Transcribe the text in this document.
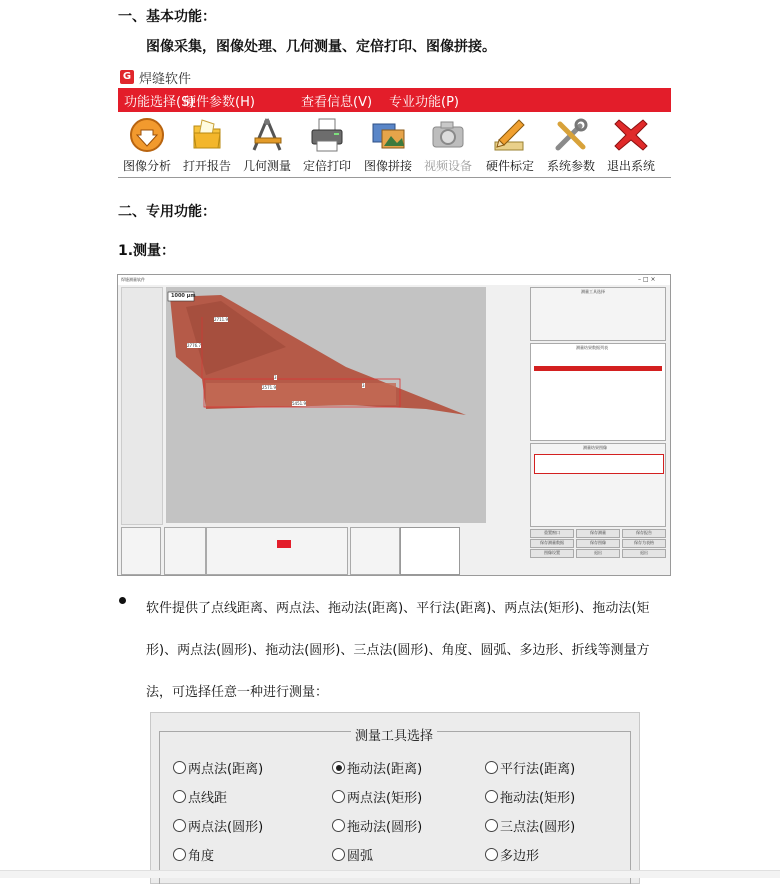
一、基本功能：
图像采集，图像处理、几何测量、定倍打印、图像拼接。
G 焊缝软件
功能选择(S)
硬件参数(H)	查看信息(V) 专业功能(P)
图像分析 打开报告 几何测量 定倍打印	图像拼接 视频设备	硬件标定	系统参数 退出系统
二、专用功能：
1.测量：
焊缝测量软件	– □ ×
1000 μm
2711.9
2776.7
3
2571.9	3
5451.9
测量工具选择
测量结果数据列表
测量结果图像
重置窗口	保存测量	保存报告
保存测量数据	保存图像	保存为表格
图像设置	退出	退出
软件提供了点线距离、两点法、拖动法(距离)、平行法(距离)、两点法(矩形)、拖动法(矩形)、两点法(圆形)、拖动法(圆形)、三点法(圆形)、角度、圆弧、多边形、折线等测量方法，可选择任意一种进行测量：
测量工具选择
两点法(距离)	拖动法(距离)	平行法(距离)
点线距	两点法(矩形)	拖动法(矩形)
两点法(圆形)	拖动法(圆形)	三点法(圆形)
角度	圆弧	多边形
